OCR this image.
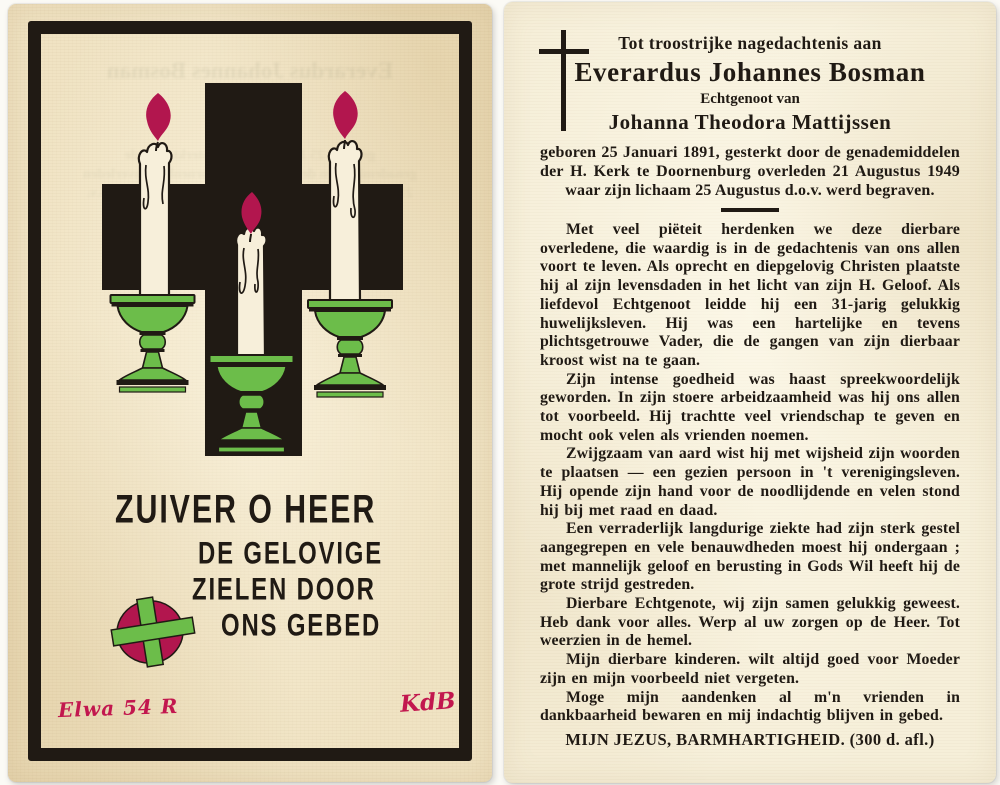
Everardus Johannes Bosman
25 gesterkt de genademiddelen der Doornenburg overleden 21
ZUIVER O HEER
DE GELOVIGE
ZIELEN DOOR
ONS GEBED
Elwa 54 R	KdB
Tot troostrijke nagedachtenis aan
Everardus Johannes Bosman
Echtgenoot van
Johanna Theodora Mattijssen

geboren 25 Januari 1891, gesterkt door de genademiddelen der H. Kerk te Doornenburg overleden 21 Augustus 1949 waar zijn lichaam 25 Augustus d.o.v. werd begraven.

Met veel piëteit herdenken we deze dierbare overledene, die waardig is in de gedachtenis van ons allen voort te leven. Als oprecht en diepgelovig Christen plaatste hij al zijn levensdaden in het licht van zijn H. Geloof. Als liefdevol Echtgenoot leidde hij een 31-jarig gelukkig huwelijksleven. Hij was een hartelijke en tevens plichtsgetrouwe Vader, die de gangen van zijn dierbaar kroost wist na te gaan.

Zijn intense goedheid was haast spreekwoordelijk geworden. In zijn stoere arbeidzaamheid was hij ons allen tot voorbeeld. Hij trachtte veel vriendschap te geven en mocht ook velen als vrienden noemen.

Zwijgzaam van aard wist hij met wijsheid zijn woorden te plaatsen — een gezien persoon in 't verenigingsleven. Hij opende zijn hand voor de noodlijdende en velen stond hij bij met raad en daad.

Een verraderlijk langdurige ziekte had zijn sterk gestel aangegrepen en vele benauwdheden moest hij ondergaan ; met mannelijk geloof en berusting in Gods Wil heeft hij de grote strijd gestreden.

Dierbare Echtgenote, wij zijn samen gelukkig geweest. Heb dank voor alles. Werp al uw zorgen op de Heer. Tot weerzien in de hemel.

Mijn dierbare kinderen. wilt altijd goed voor Moeder zijn en mijn voorbeeld niet vergeten.

Moge mijn aandenken al m'n vrienden in dankbaarheid bewaren en mij indachtig blijven in gebed.

MIJN JEZUS, BARMHARTIGHEID. (300 d. afl.)
